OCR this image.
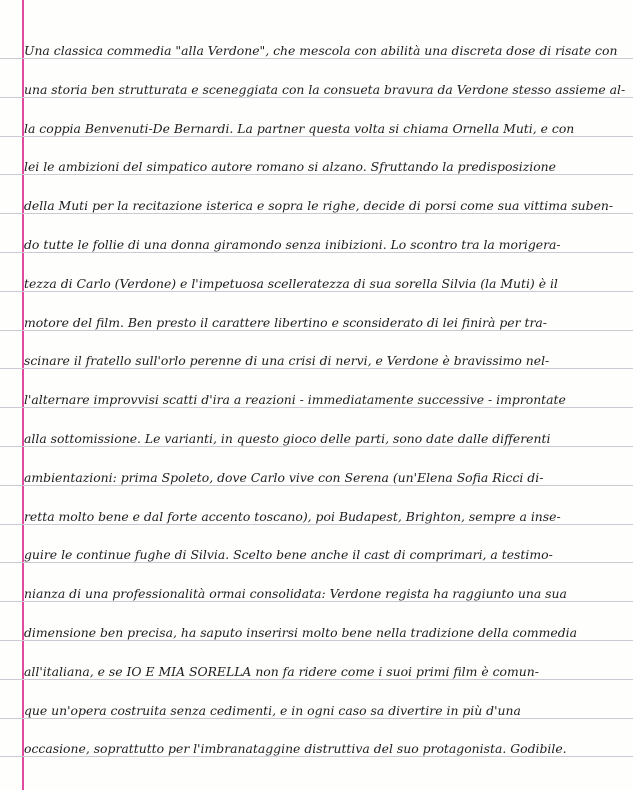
Una classica commedia "alla Verdone", che mescola con abilità una discreta dose di risate con
una storia ben strutturata e sceneggiata con la consueta bravura da Verdone stesso assieme al-
la coppia Benvenuti-De Bernardi. La partner questa volta si chiama Ornella Muti, e con
lei le ambizioni del simpatico autore romano si alzano. Sfruttando la predisposizione
della Muti per la recitazione isterica e sopra le righe, decide di porsi come sua vittima suben-
do tutte le follie di una donna giramondo senza inibizioni. Lo scontro tra la morigera-
tezza di Carlo (Verdone) e l'impetuosa scelleratezza di sua sorella Silvia (la Muti) è il
motore del film. Ben presto il carattere libertino e sconsiderato di lei finirà per tra-
scinare il fratello sull'orlo perenne di una crisi di nervi, e Verdone è bravissimo nel-
l'alternare improvvisi scatti d'ira a reazioni - immediatamente successive - improntate
alla sottomissione. Le varianti, in questo gioco delle parti, sono date dalle differenti
ambientazioni: prima Spoleto, dove Carlo vive con Serena (un'Elena Sofia Ricci di-
retta molto bene e dal forte accento toscano), poi Budapest, Brighton, sempre a inse-
guire le continue fughe di Silvia. Scelto bene anche il cast di comprimari, a testimo-
nianza di una professionalità ormai consolidata: Verdone regista ha raggiunto una sua
dimensione ben precisa, ha saputo inserirsi molto bene nella tradizione della commedia
all'italiana, e se IO E MIA SORELLA non fa ridere come i suoi primi film è comun-
que un'opera costruita senza cedimenti, e in ogni caso sa divertire in più d'una
occasione, soprattutto per l'imbranataggine distruttiva del suo protagonista. Godibile.
